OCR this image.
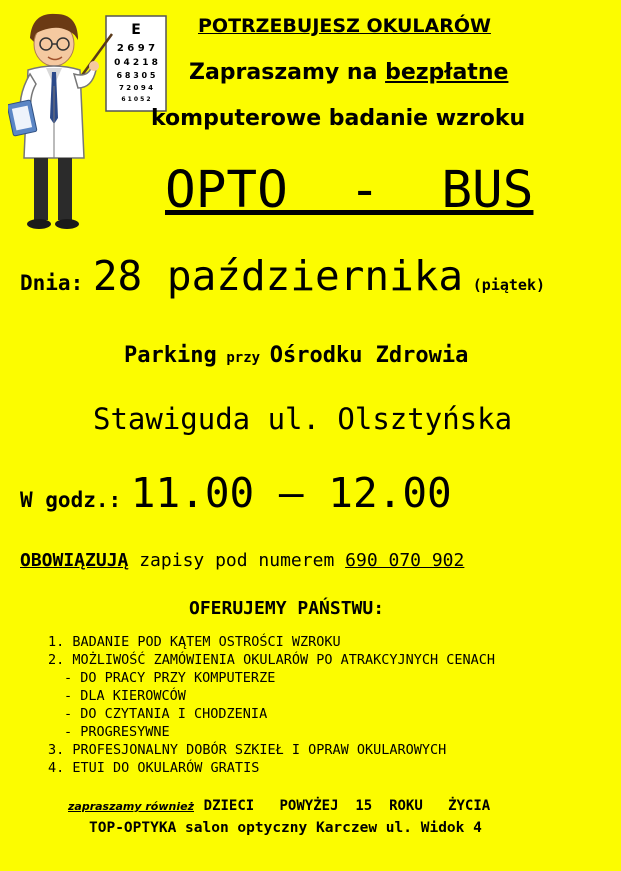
E
2 6 9 7
0 4 2 1 8
6 8 3 0 5
7 2 0 9 4
6 1 0 5 2
POTRZEBUJESZ OKULARÓW
Zapraszamy na bezpłatne
komputerowe badanie wzroku
OPTO  -  BUS
Dnia: 28 października (piątek)
Parking przy Ośrodku Zdrowia
Stawiguda ul. Olsztyńska
W godz.: 11.00 – 12.00
OBOWIĄZUJĄ zapisy pod numerem 690 070 902
OFERUJEMY PAŃSTWU:
1. BADANIE POD KĄTEM OSTROŚCI WZROKU
2. MOŻLIWOŚĆ ZAMÓWIENIA OKULARÓW PO ATRAKCYJNYCH CENACH
- DO PRACY PRZY KOMPUTERZE
- DLA KIEROWCÓW
- DO CZYTANIA I CHODZENIA
- PROGRESYWNE
3. PROFESJONALNY DOBÓR SZKIEŁ I OPRAW OKULAROWYCH
4. ETUI DO OKULARÓW GRATIS
zapraszamy również DZIECI   POWYŻEJ  15  ROKU   ŻYCIA
TOP-OPTYKA salon optyczny Karczew ul. Widok 4
